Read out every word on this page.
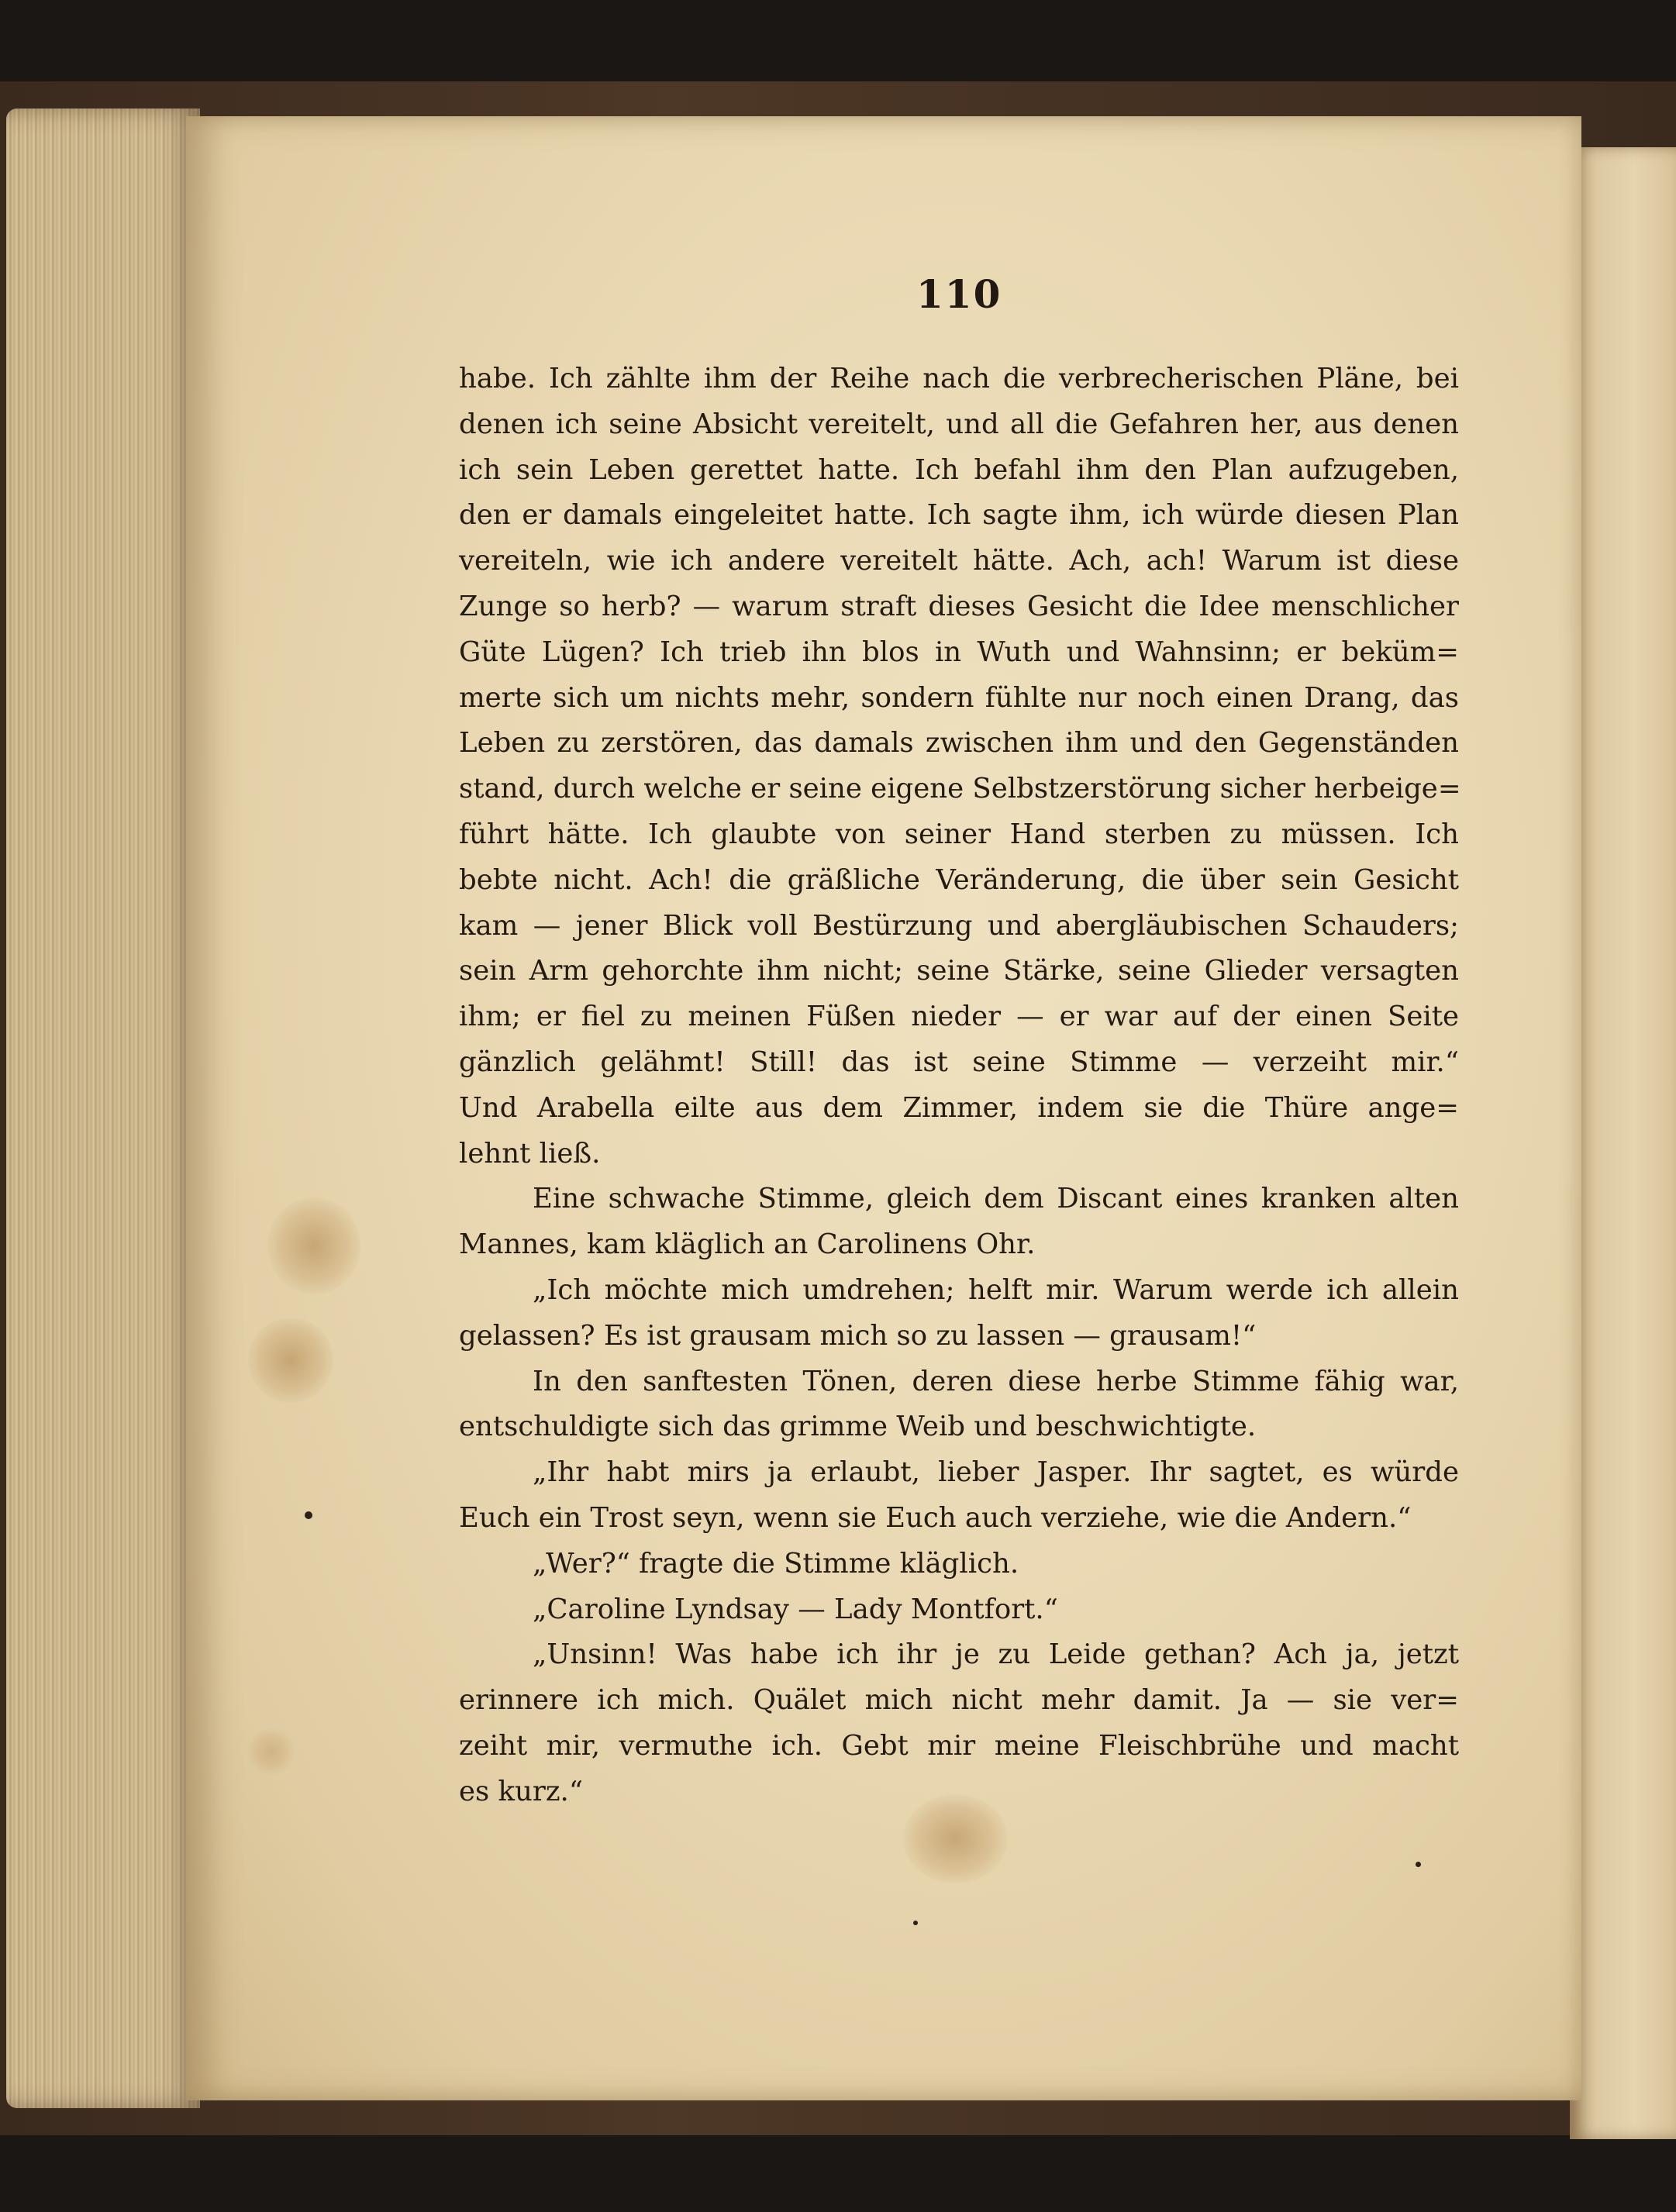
110
habe. Ich zählte ihm der Reihe nach die verbrecherischen Pläne, bei
denen ich seine Absicht vereitelt, und all die Gefahren her, aus denen
ich sein Leben gerettet hatte. Ich befahl ihm den Plan aufzugeben,
den er damals eingeleitet hatte. Ich sagte ihm, ich würde diesen Plan
vereiteln, wie ich andere vereitelt hätte. Ach, ach! Warum ist diese
Zunge so herb? — warum straft dieses Gesicht die Idee menschlicher
Güte Lügen? Ich trieb ihn blos in Wuth und Wahnsinn; er beküm=
merte sich um nichts mehr, sondern fühlte nur noch einen Drang, das
Leben zu zerstören, das damals zwischen ihm und den Gegenständen
stand, durch welche er seine eigene Selbstzerstörung sicher herbeige=
führt hätte. Ich glaubte von seiner Hand sterben zu müssen. Ich
bebte nicht. Ach! die gräßliche Veränderung, die über sein Gesicht
kam — jener Blick voll Bestürzung und abergläubischen Schauders;
sein Arm gehorchte ihm nicht; seine Stärke, seine Glieder versagten
ihm; er fiel zu meinen Füßen nieder — er war auf der einen Seite
gänzlich gelähmt! Still! das ist seine Stimme — verzeiht mir.“
Und Arabella eilte aus dem Zimmer, indem sie die Thüre ange=
lehnt ließ.
Eine schwache Stimme, gleich dem Discant eines kranken alten
Mannes, kam kläglich an Carolinens Ohr.
„Ich möchte mich umdrehen; helft mir. Warum werde ich allein
gelassen? Es ist grausam mich so zu lassen — grausam!“
In den sanftesten Tönen, deren diese herbe Stimme fähig war,
entschuldigte sich das grimme Weib und beschwichtigte.
„Ihr habt mirs ja erlaubt, lieber Jasper. Ihr sagtet, es würde
Euch ein Trost seyn, wenn sie Euch auch verziehe, wie die Andern.“
„Wer?“ fragte die Stimme kläglich.
„Caroline Lyndsay — Lady Montfort.“
„Unsinn! Was habe ich ihr je zu Leide gethan? Ach ja, jetzt
erinnere ich mich. Quälet mich nicht mehr damit. Ja — sie ver=
zeiht mir, vermuthe ich. Gebt mir meine Fleischbrühe und macht
es kurz.“
